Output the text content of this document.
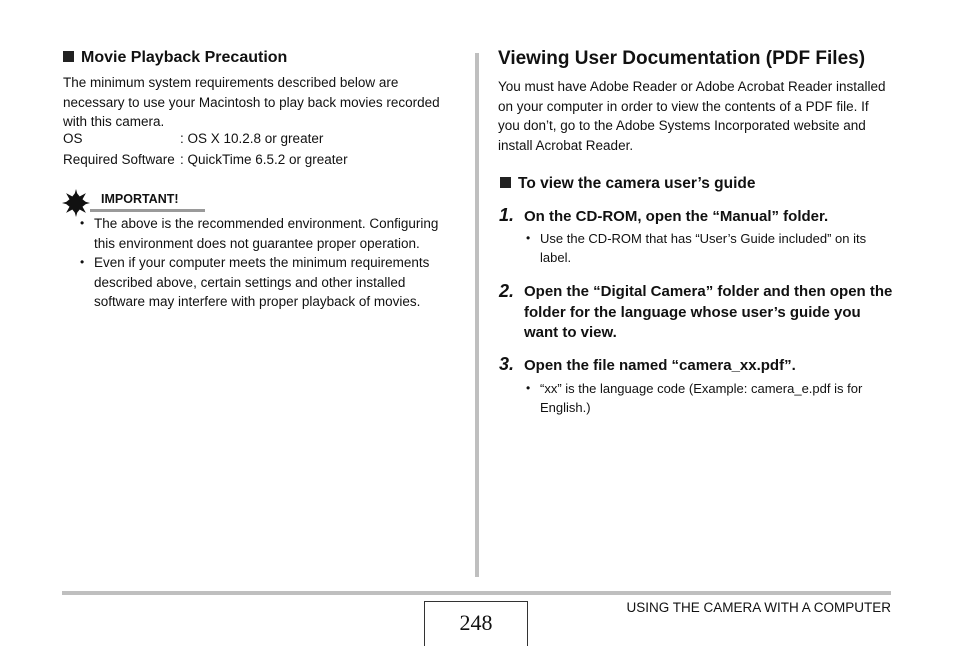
Movie Playback Precaution
The minimum system requirements described below are necessary to use your Macintosh to play back movies recorded with this camera.
OS	: OS X 10.2.8 or greater
Required Software : QuickTime 6.5.2 or greater
IMPORTANT!
• The above is the recommended environment. Configuring this environment does not guarantee proper operation.
• Even if your computer meets the minimum requirements described above, certain settings and other installed software may interfere with proper playback of movies.
Viewing User Documentation (PDF Files)
You must have Adobe Reader or Adobe Acrobat Reader installed on your computer in order to view the contents of a PDF file. If you don’t, go to the Adobe Systems Incorporated website and install Acrobat Reader.
To view the camera user’s guide
1. On the CD-ROM, open the “Manual” folder.
• Use the CD-ROM that has “User’s Guide included” on its label.
2. Open the “Digital Camera” folder and then open the folder for the language whose user’s guide you want to view.
3. Open the file named “camera_xx.pdf”.
• “xx” is the language code (Example: camera_e.pdf is for English.)
248
USING THE CAMERA WITH A COMPUTER
